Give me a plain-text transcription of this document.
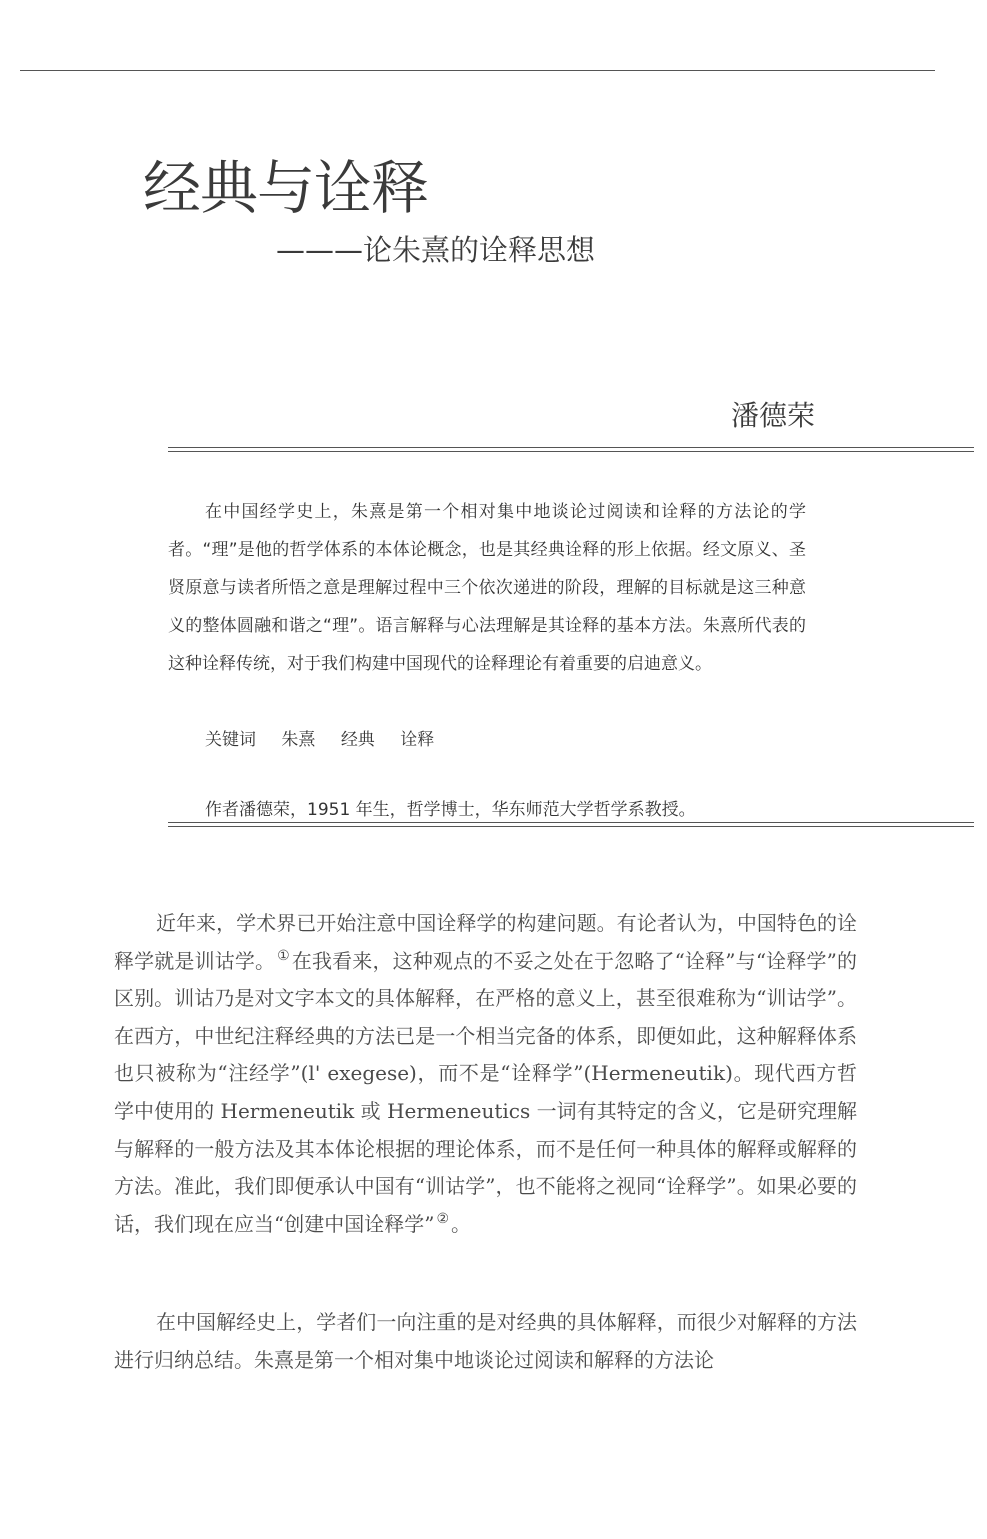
经典与诠释
———论朱熹的诠释思想
潘德荣

在中国经学史上，朱熹是第一个相对集中地谈论过阅读和诠释的方法论的学者。“理”是他的哲学体系的本体论概念，也是其经典诠释的形上依据。经文原义、圣贤原意与读者所悟之意是理解过程中三个依次递进的阶段，理解的目标就是这三种意义的整体圆融和谐之“理”。语言解释与心法理解是其诠释的基本方法。朱熹所代表的这种诠释传统，对于我们构建中国现代的诠释理论有着重要的启迪意义。

关键词 朱熹 经典 诠释
作者潘德荣，1951 年生，哲学博士，华东师范大学哲学系教授。

近年来，学术界已开始注意中国诠释学的构建问题。有论者认为，中国特色的诠释学就是训诂学。 ① 在我看来，这种观点的不妥之处在于忽略了“诠释”与“诠释学”的区别。训诂乃是对文字本文的具体解释，在严格的意义上，甚至很难称为“训诂学”。在西方，中世纪注释经典的方法已是一个相当完备的体系，即便如此，这种解释体系也只被称为“注经学”(l' exegese)，而不是“诠释学”(Hermeneutik)。现代西方哲学中使用的 Hermeneutik 或 Hermeneutics 一词有其特定的含义，它是研究理解与解释的一般方法及其本体论根据的理论体系，而不是任何一种具体的解释或解释的方法。准此，我们即便承认中国有“训诂学”，也不能将之视同“诠释学”。如果必要的话，我们现在应当“创建中国诠释学” ② 。

在中国解经史上，学者们一向注重的是对经典的具体解释，而很少对解释的方法进行归纳总结。朱熹是第一个相对集中地谈论过阅读和解释的方法论
